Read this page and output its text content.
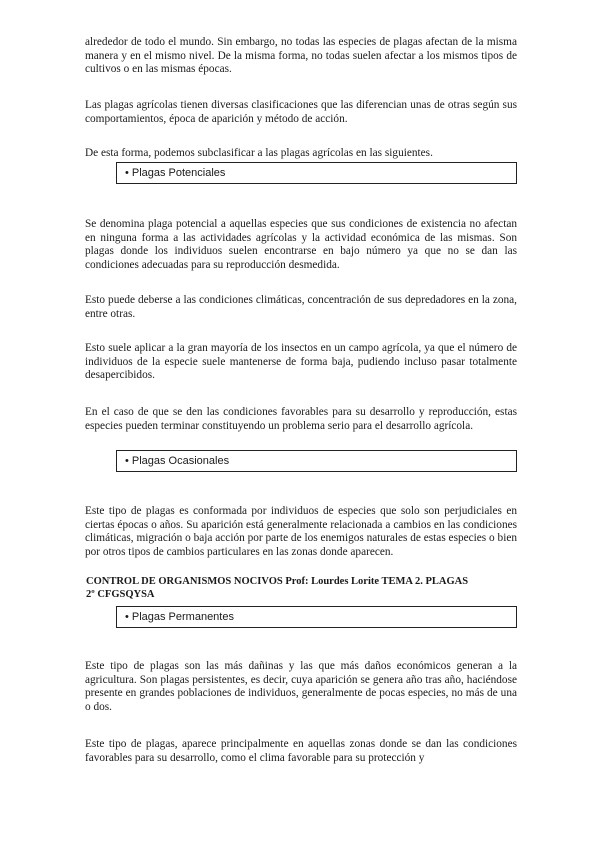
alrededor de todo el mundo. Sin embargo, no todas las especies de plagas afectan de la misma manera y en el mismo nivel. De la misma forma, no todas suelen afectar a los mismos tipos de cultivos o en las mismas épocas.

Las plagas agrícolas tienen diversas clasificaciones que las diferencian unas de otras según sus comportamientos, época de aparición y método de acción.

De esta forma, podemos subclasificar a las plagas agrícolas en las siguientes.

• Plagas Potenciales

Se denomina plaga potencial a aquellas especies que sus condiciones de existencia no afectan en ninguna forma a las actividades agrícolas y la actividad económica de las mismas. Son plagas donde los individuos suelen encontrarse en bajo número ya que no se dan las condiciones adecuadas para su reproducción desmedida.

Esto puede deberse a las condiciones climáticas, concentración de sus depredadores en la zona, entre otras.

Esto suele aplicar a la gran mayoría de los insectos en un campo agrícola, ya que el número de individuos de la especie suele mantenerse de forma baja, pudiendo incluso pasar totalmente desapercibidos.

En el caso de que se den las condiciones favorables para su desarrollo y reproducción, estas especies pueden terminar constituyendo un problema serio para el desarrollo agrícola.

• Plagas Ocasionales

Este tipo de plagas es conformada por individuos de especies que solo son perjudiciales en ciertas épocas o años. Su aparición está generalmente relacionada a cambios en las condiciones climáticas, migración o baja acción por parte de los enemigos naturales de estas especies o bien por otros tipos de cambios particulares en las zonas donde aparecen.

CONTROL DE ORGANISMOS NOCIVOS Prof: Lourdes Lorite TEMA 2. PLAGAS

2º CFGSQYSA

• Plagas Permanentes

Este tipo de plagas son las más dañinas y las que más daños económicos generan a la agricultura. Son plagas persistentes, es decir, cuya aparición se genera año tras año, haciéndose presente en grandes poblaciones de individuos, generalmente de pocas especies, no más de una o dos.

Este tipo de plagas, aparece principalmente en aquellas zonas donde se dan las condiciones favorables para su desarrollo, como el clima favorable para su protección y
